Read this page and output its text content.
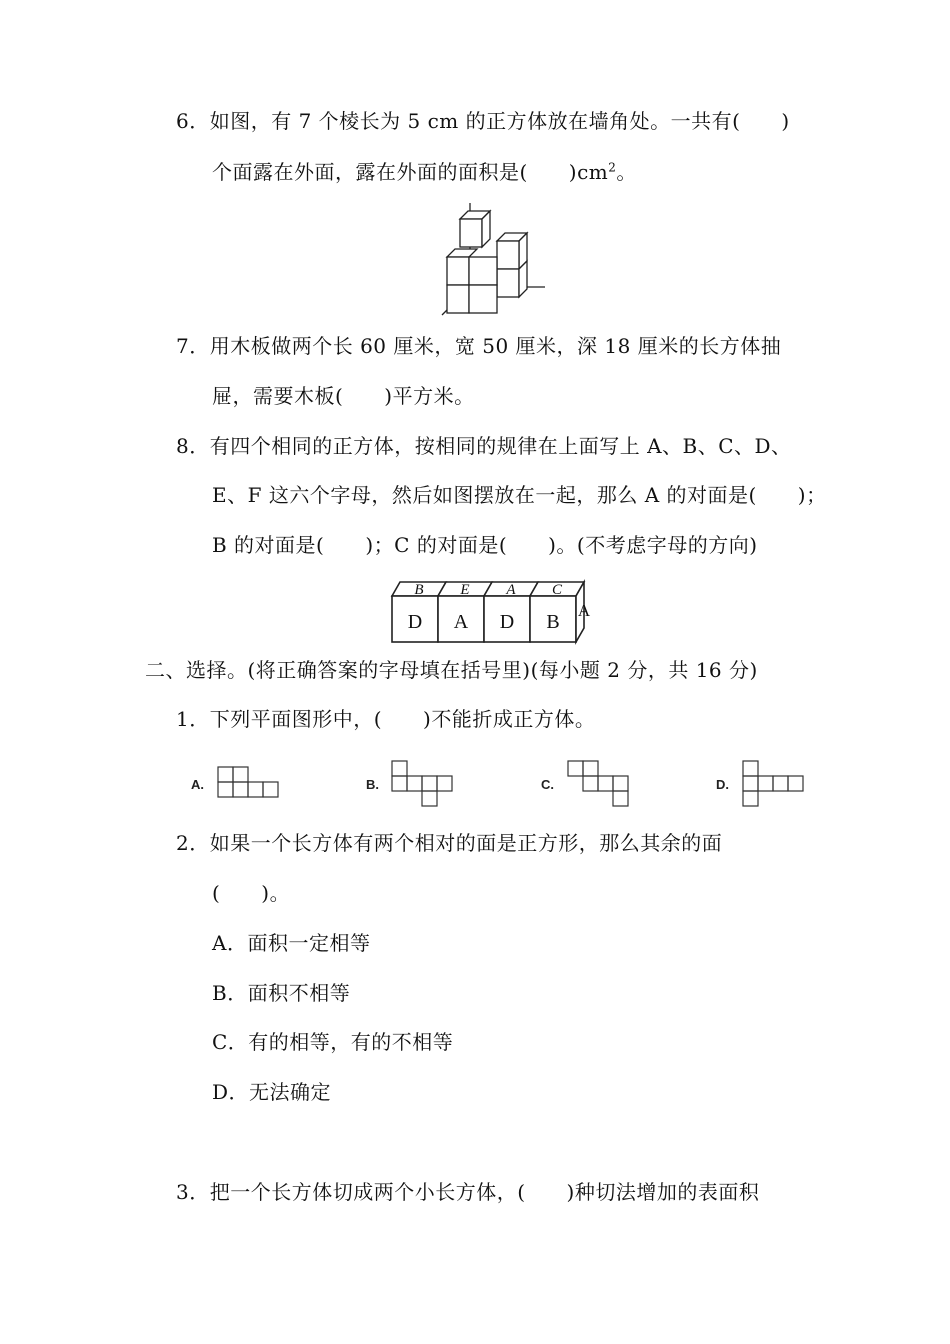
6．如图，有 7 个棱长为 5 cm 的正方体放在墙角处。一共有(　　)
个面露在外面，露在外面的面积是(　　)$cm^2$。
7．用木板做两个长 60 厘米，宽 50 厘米，深 18 厘米的长方体抽
屉，需要木板(　　)平方米。
8．有四个相同的正方体，按相同的规律在上面写上 A、B、C、D、
E、F 这六个字母，然后如图摆放在一起，那么 A 的对面是(　　)；
B 的对面是(　　)；C 的对面是(　　)。(不考虑字母的方向)
B E A C
D A D B
A
二、选择。(将正确答案的字母填在括号里)(每小题 2 分，共 16 分)
1．下列平面图形中，(　　)不能折成正方体。
A.	B.	C.	D.
2．如果一个长方体有两个相对的面是正方形，那么其余的面
(　　)。
A．面积一定相等
B．面积不相等
C．有的相等，有的不相等
D．无法确定
3．把一个长方体切成两个小长方体，(　　)种切法增加的表面积
